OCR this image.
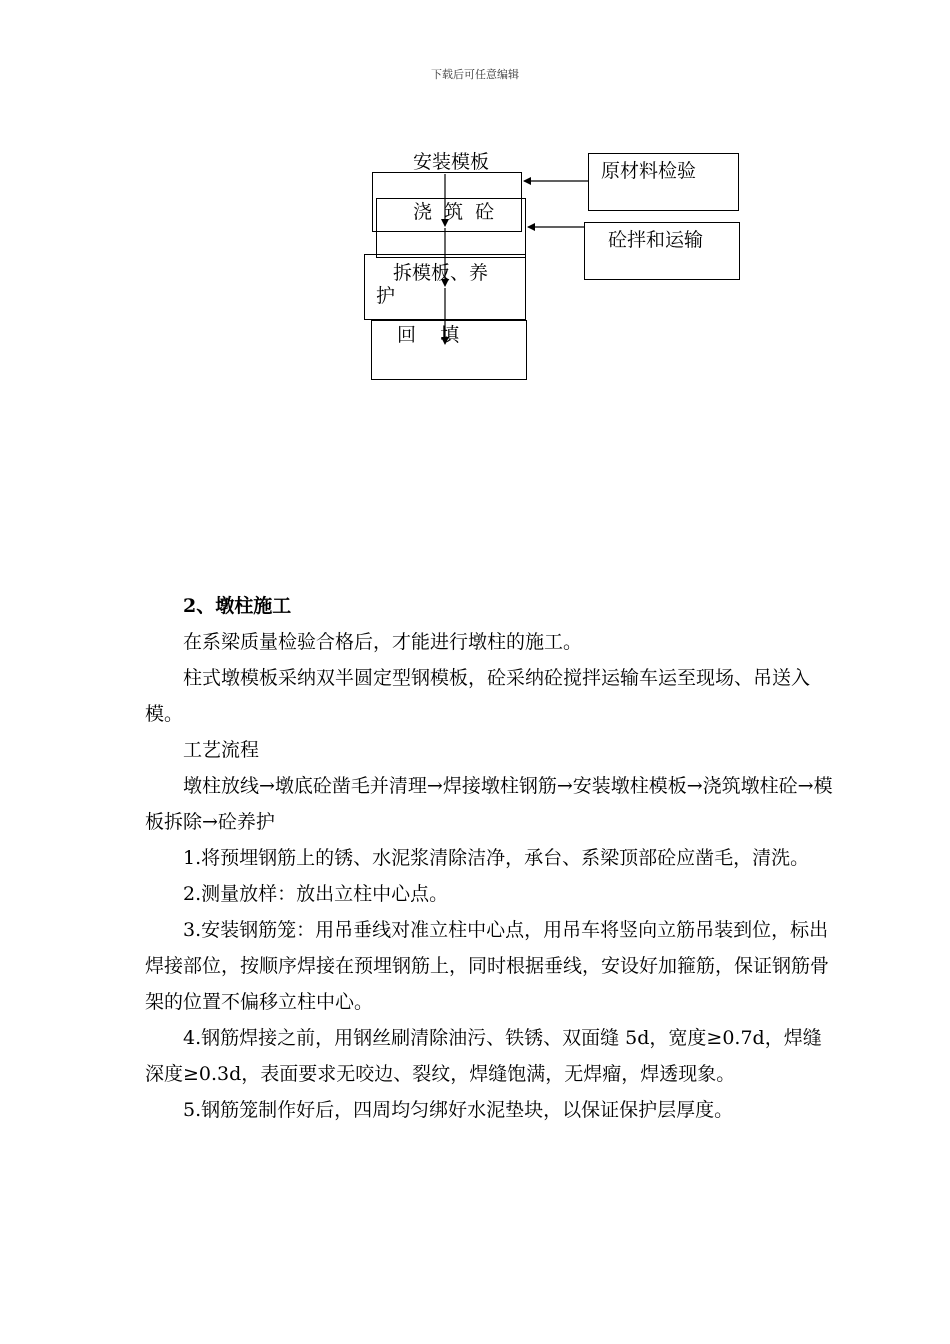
下载后可任意编辑
安装模板
浇  筑  砼
拆模板、养
护
回    填
原材料检验
砼拌和运输

2、墩柱施工

在系梁质量检验合格后，才能进行墩柱的施工。

柱式墩模板采纳双半圆定型钢模板，砼采纳砼搅拌运输车运至现场、吊送入模。

工艺流程

墩柱放线→墩底砼凿毛并清理→焊接墩柱钢筋→安装墩柱模板→浇筑墩柱砼→模板拆除→砼养护

1.将预埋钢筋上的锈、水泥浆清除洁净，承台、系梁顶部砼应凿毛，清洗。

2.测量放样：放出立柱中心点。

3.安装钢筋笼：用吊垂线对准立柱中心点，用吊车将竖向立筋吊装到位，标出焊接部位，按顺序焊接在预埋钢筋上，同时根据垂线，安设好加箍筋，保证钢筋骨架的位置不偏移立柱中心。

4.钢筋焊接之前，用钢丝刷清除油污、铁锈、双面缝 5d，宽度≥0.7d，焊缝深度≥0.3d，表面要求无咬边、裂纹，焊缝饱满，无焊瘤，焊透现象。

5.钢筋笼制作好后，四周均匀绑好水泥垫块，以保证保护层厚度。
